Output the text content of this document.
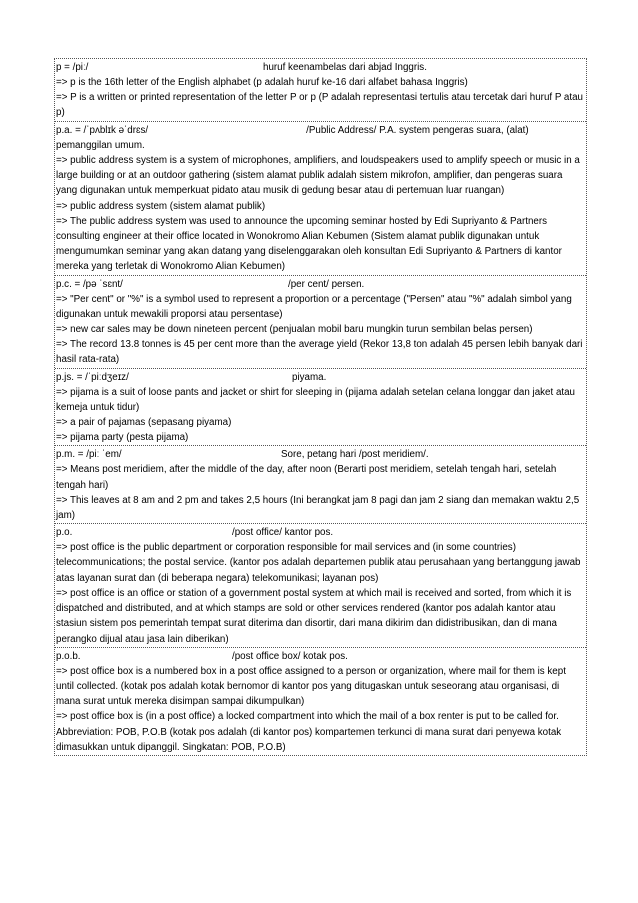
p = /piː/	huruf keenambelas dari abjad Inggris.
=> p is the 16th letter of the English alphabet (p adalah huruf ke-16 dari alfabet bahasa Inggris)
=> P is a written or printed representation of the letter P or p (P adalah representasi tertulis atau tercetak dari huruf P atau p)
p.a. = /ˈpʌblɪk əˈdrɛs/	/Public Address/ P.A. system pengeras suara, (alat) pemanggilan umum.
=> public address system is a system of microphones, amplifiers, and loudspeakers used to amplify speech or music in a large building or at an outdoor gathering (sistem alamat publik adalah sistem mikrofon, amplifier, dan pengeras suara yang digunakan untuk memperkuat pidato atau musik di gedung besar atau di pertemuan luar ruangan)
=> public address system (sistem alamat publik)
=> The public address system was used to announce the upcoming seminar hosted by Edi Supriyanto & Partners consulting engineer at their office located in Wonokromo Alian Kebumen (Sistem alamat publik digunakan untuk mengumumkan seminar yang akan datang yang diselenggarakan oleh konsultan Edi Supriyanto & Partners di kantor mereka yang terletak di Wonokromo Alian Kebumen)
p.c. = /pə ˈsɛnt/	/per cent/ persen.
=> "Per cent" or "%" is a symbol used to represent a proportion or a percentage ("Persen" atau "%" adalah simbol yang digunakan untuk mewakili proporsi atau persentase)
=> new car sales may be down nineteen percent (penjualan mobil baru mungkin turun sembilan belas persen)
=> The record 13.8 tonnes is 45 per cent more than the average yield (Rekor 13,8 ton adalah 45 persen lebih banyak dari hasil rata-rata)
p.js. = /ˈpiːdʒeɪz/	piyama.
=> pijama is a suit of loose pants and jacket or shirt for sleeping in (pijama adalah setelan celana longgar dan jaket atau kemeja untuk tidur)
=> a pair of pajamas (sepasang piyama)
=> pijama party (pesta pijama)
p.m. = /piː ˈem/	Sore, petang hari /post meridiem/.
=> Means post meridiem, after the middle of the day, after noon (Berarti post meridiem, setelah tengah hari, setelah tengah hari)
=> This leaves at 8 am and 2 pm and takes 2,5 hours (Ini berangkat jam 8 pagi dan jam 2 siang dan memakan waktu 2,5 jam)
p.o.	/post office/ kantor pos.
=> post office is the public department or corporation responsible for mail services and (in some countries) telecommunications; the postal service. (kantor pos adalah departemen publik atau perusahaan yang bertanggung jawab atas layanan surat dan (di beberapa negara) telekomunikasi; layanan pos)
=> post office is an office or station of a government postal system at which mail is received and sorted, from which it is dispatched and distributed, and at which stamps are sold or other services rendered (kantor pos adalah kantor atau stasiun sistem pos pemerintah tempat surat diterima dan disortir, dari mana dikirim dan didistribusikan, dan di mana perangko dijual atau jasa lain diberikan)
p.o.b.	/post office box/ kotak pos.
=> post office box is a numbered box in a post office assigned to a person or organization, where mail for them is kept until collected. (kotak pos adalah kotak bernomor di kantor pos yang ditugaskan untuk seseorang atau organisasi, di mana surat untuk mereka disimpan sampai dikumpulkan)
=> post office box is (in a post office) a locked compartment into which the mail of a box renter is put to be called for. Abbreviation: POB, P.O.B (kotak pos adalah (di kantor pos) kompartemen terkunci di mana surat dari penyewa kotak dimasukkan untuk dipanggil. Singkatan: POB, P.O.B)
